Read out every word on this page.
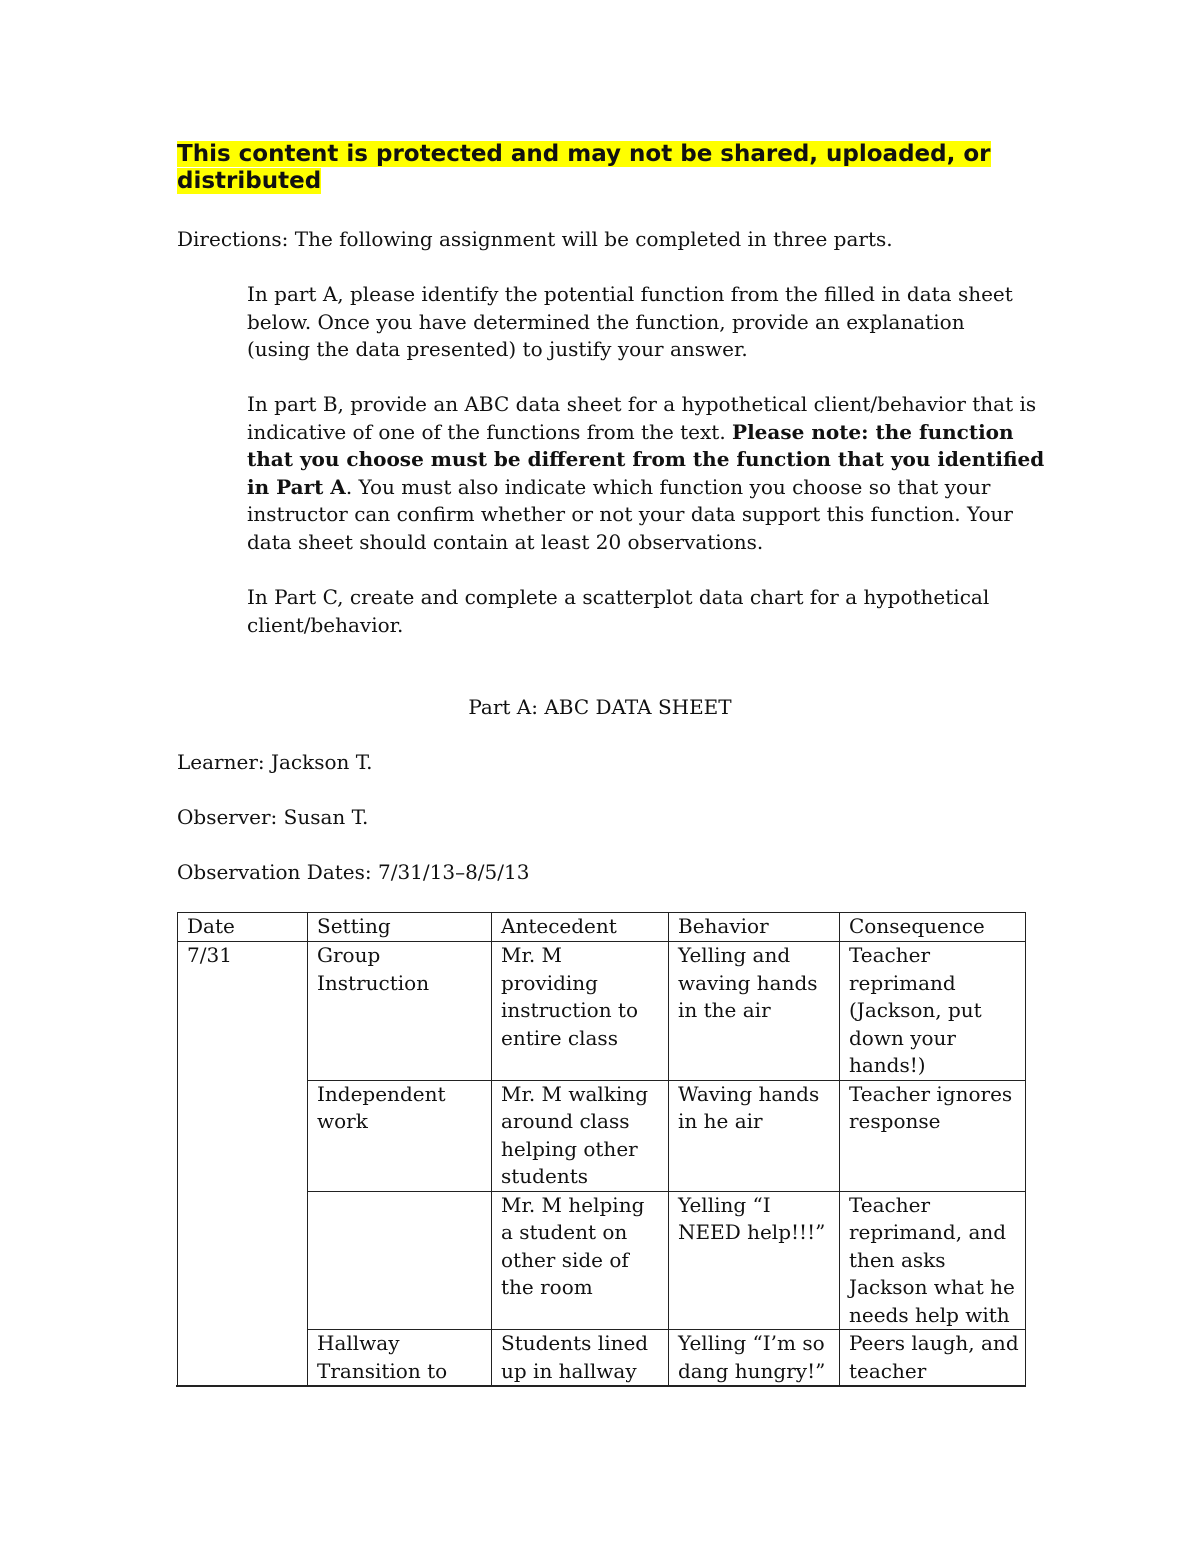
This content is protected and may not be shared, uploaded, or distributed

Directions: The following assignment will be completed in three parts.

In part A, please identify the potential function from the filled in data sheet
below. Once you have determined the function, provide an explanation
(using the data presented) to justify your answer.

In part B, provide an ABC data sheet for a hypothetical client/behavior that is
indicative of one of the functions from the text. Please note: the function
that you choose must be different from the function that you identified
in Part A. You must also indicate which function you choose so that your
instructor can confirm whether or not your data support this function. Your
data sheet should contain at least 20 observations.

In Part C, create and complete a scatterplot data chart for a hypothetical
client/behavior.

Part A: ABC DATA SHEET

Learner: Jackson T.

Observer: Susan T.

Observation Dates: 7/31/13–8/5/13

Date	Setting	Antecedent	Behavior	Consequence
7/31	Group Instruction	Mr. M providing instruction to entire class	Yelling and waving hands in the air	Teacher reprimand (Jackson, put down your hands!)
	Independent work	Mr. M walking around class helping other students	Waving hands in he air	Teacher ignores response
		Mr. M helping a student on other side of the room	Yelling “I NEED help!!!”	Teacher reprimand, and then asks Jackson what he needs help with
	Hallway Transition to	Students lined up in hallway	Yelling “I’m so dang hungry!”	Peers laugh, and teacher
